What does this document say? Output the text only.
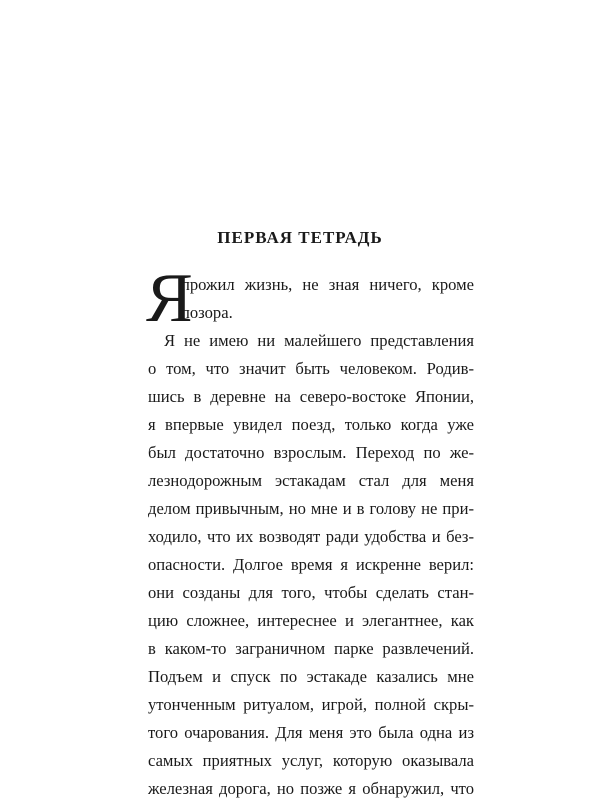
ПЕРВАЯ ТЕТРАДЬ
Я
прожил жизнь, не зная ничего, кроме
позора.
Я не имею ни малейшего представления
о том, что значит быть человеком. Родив-
шись в деревне на северо-востоке Японии,
я впервые увидел поезд, только когда уже
был достаточно взрослым. Переход по же-
лезнодорожным эстакадам стал для меня
делом привычным, но мне и в голову не при-
ходило, что их возводят ради удобства и без-
опасности. Долгое время я искренне верил:
они созданы для того, чтобы сделать стан-
цию сложнее, интереснее и элегантнее, как
в каком-то заграничном парке развлечений.
Подъем и спуск по эстакаде казались мне
утонченным ритуалом, игрой, полной скры-
того очарования. Для меня это была одна из
самых приятных услуг, которую оказывала
железная дорога, но позже я обнаружил, что
